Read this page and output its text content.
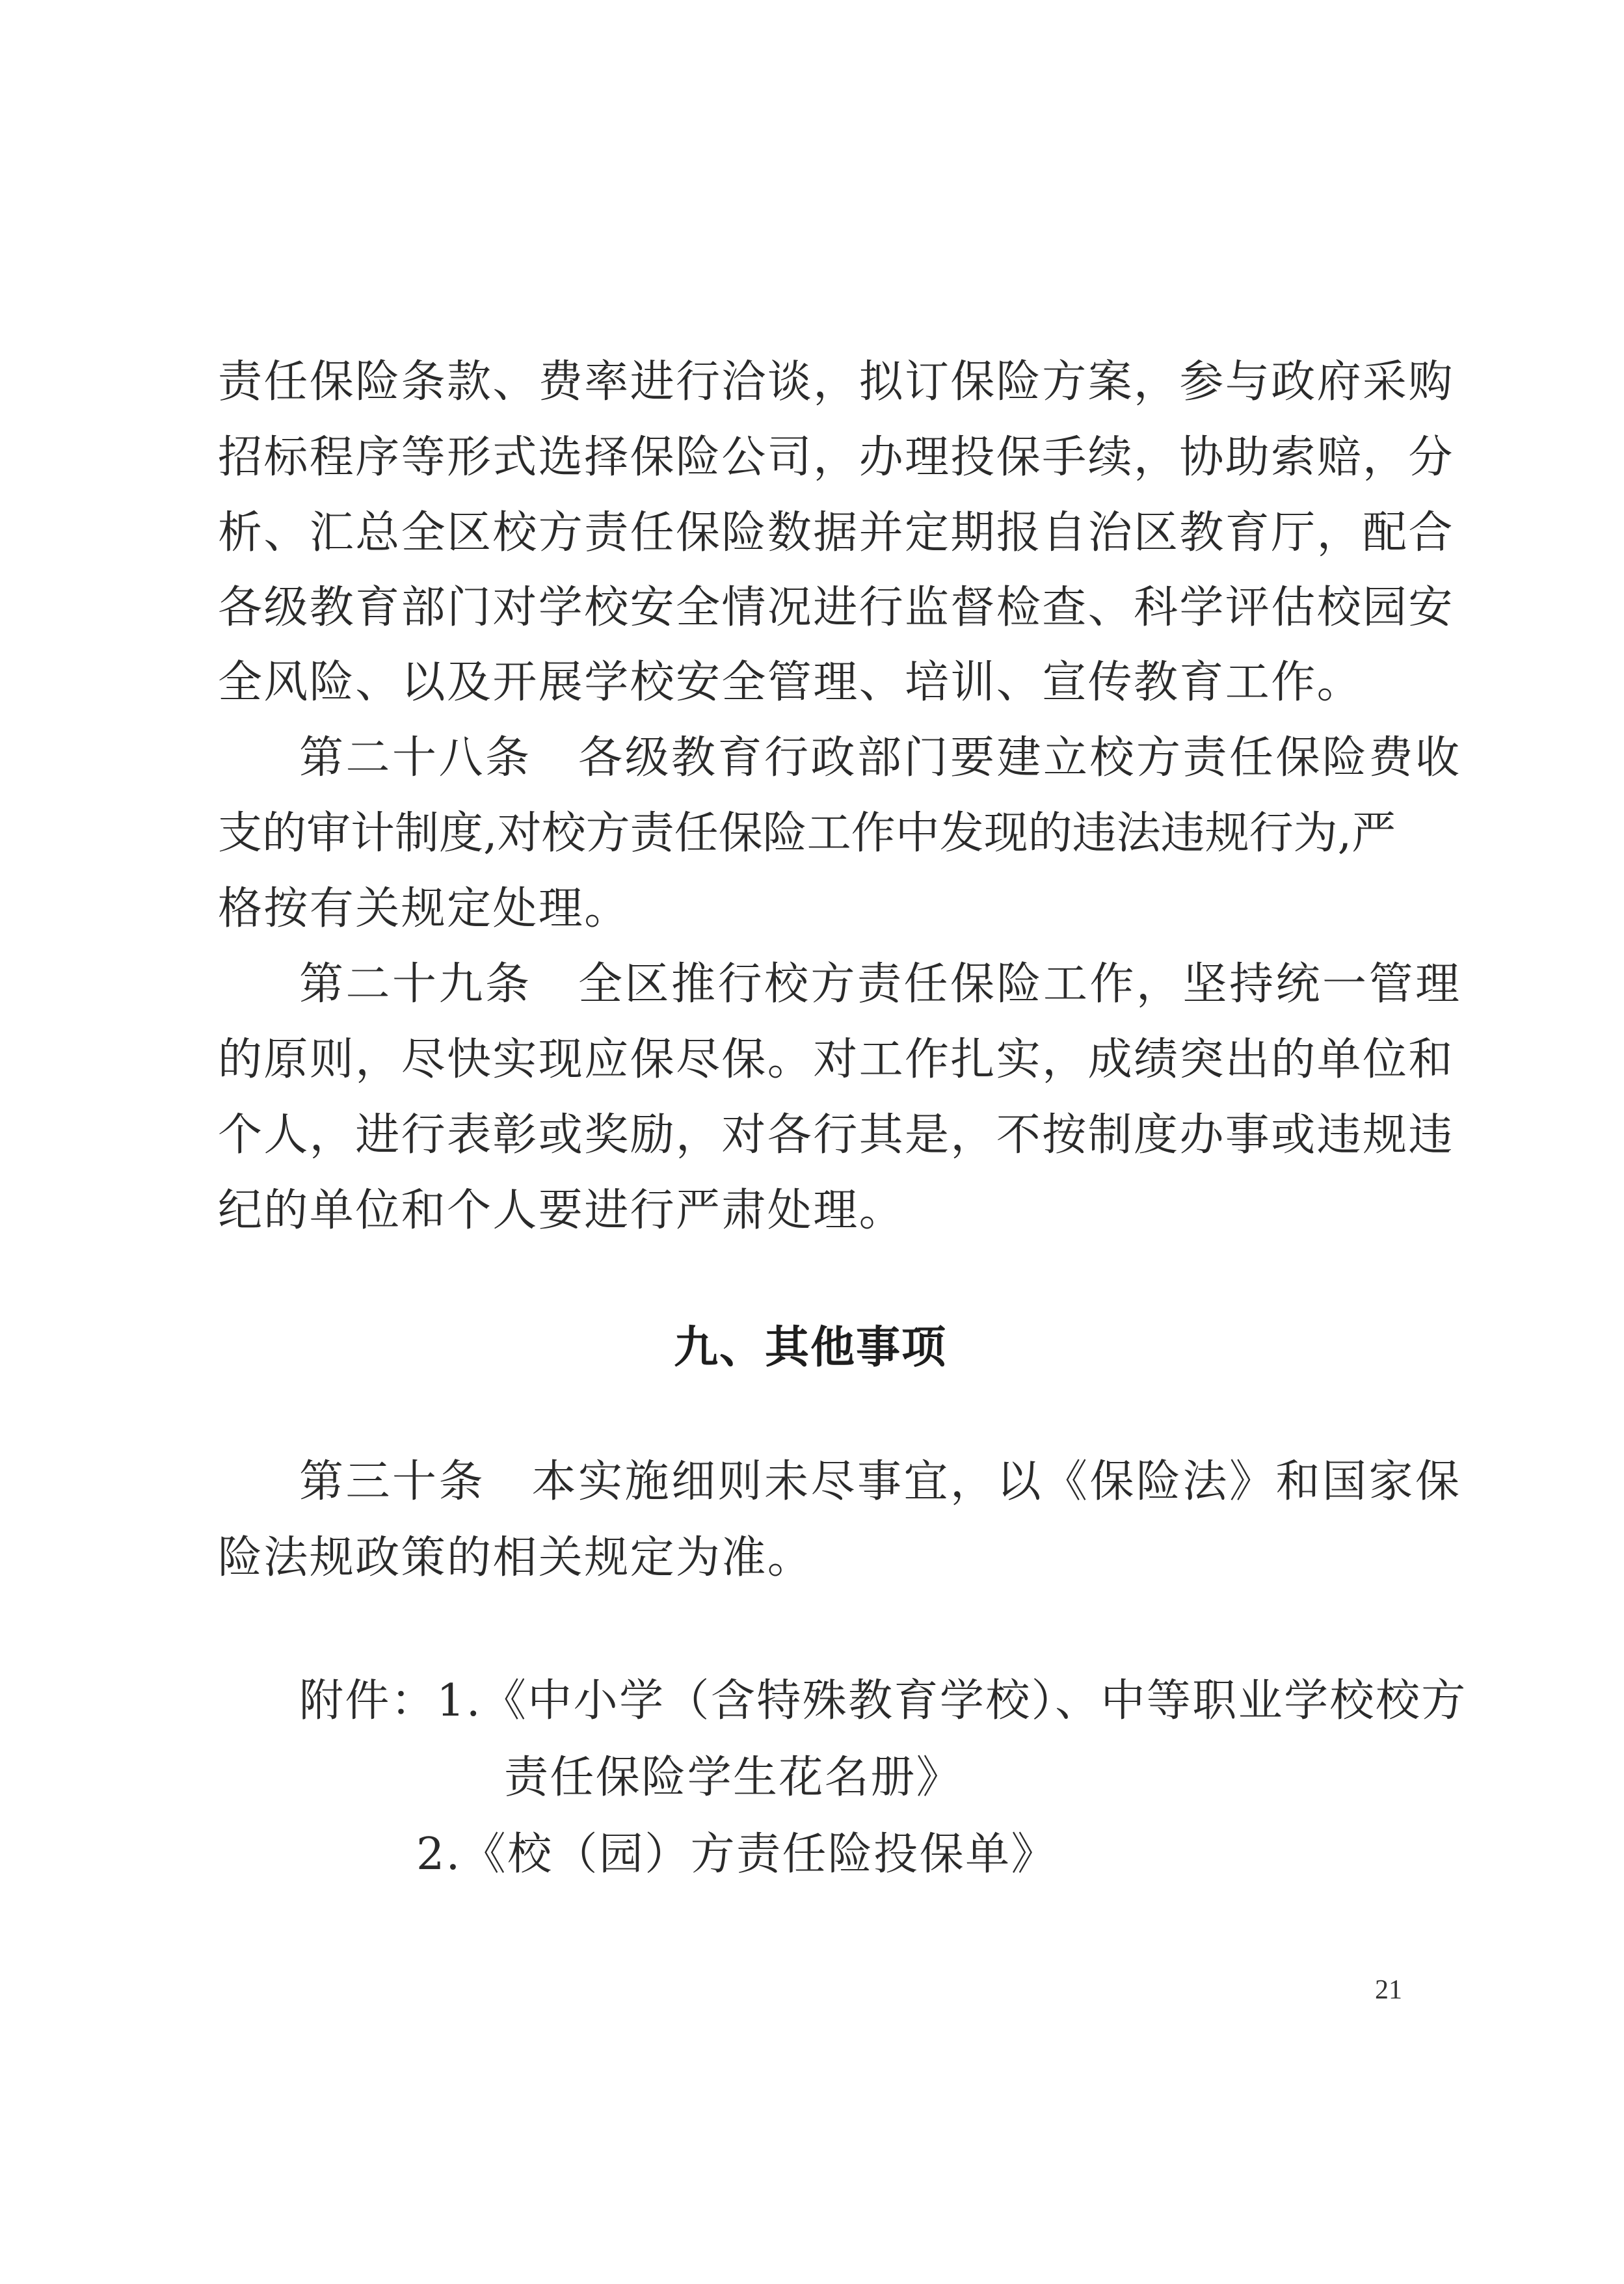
责任保险条款、费率进行洽谈，拟订保险方案，参与政府采购
招标程序等形式选择保险公司，办理投保手续，协助索赔，分
析、汇总全区校方责任保险数据并定期报自治区教育厅，配合
各级教育部门对学校安全情况进行监督检查、科学评估校园安
全风险、以及开展学校安全管理、培训、宣传教育工作。
第二十八条　各级教育行政部门要建立校方责任保险费收
支的审计制度,对校方责任保险工作中发现的违法违规行为,严
格按有关规定处理。
第二十九条　全区推行校方责任保险工作，坚持统一管理
的原则，尽快实现应保尽保。对工作扎实，成绩突出的单位和
个人，进行表彰或奖励，对各行其是，不按制度办事或违规违
纪的单位和个人要进行严肃处理。
九、其他事项
第三十条　本实施细则未尽事宜，以《保险法》和国家保
险法规政策的相关规定为准。
附件：1.《中小学（含特殊教育学校）、中等职业学校校方
责任保险学生花名册》
2.《校（园）方责任险投保单》
21
